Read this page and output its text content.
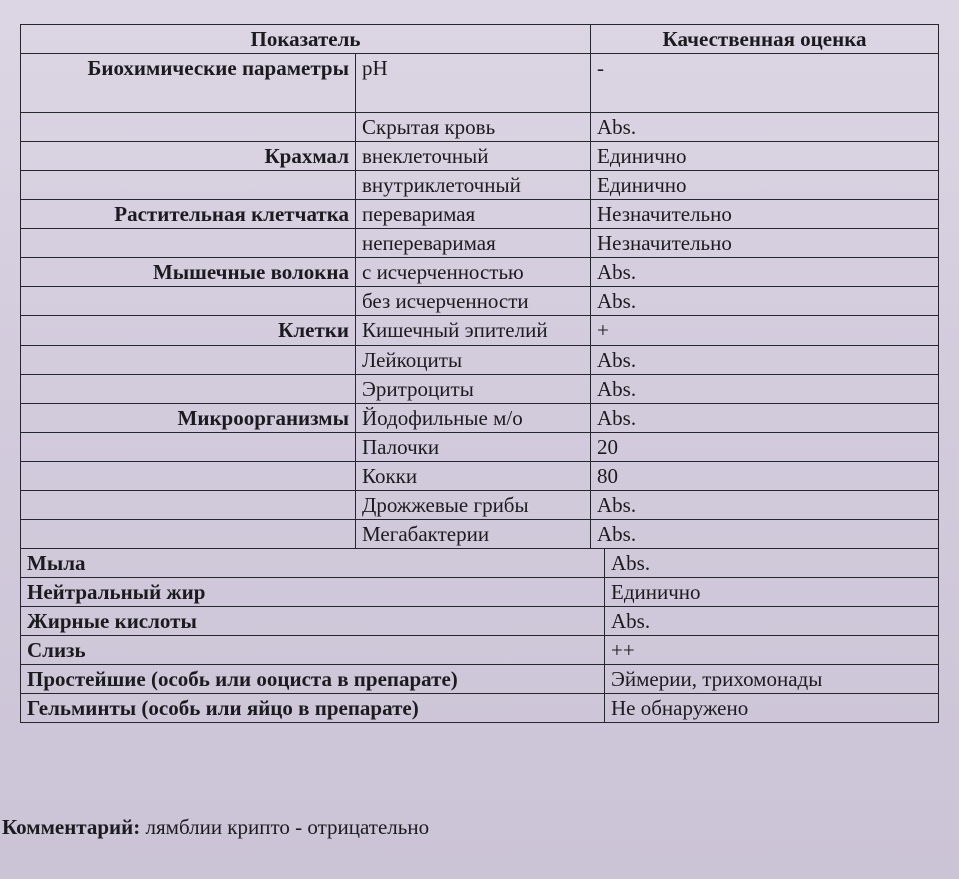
Показатель		Качественная оценка	
Биохимические параметры	pH	-	
	Скрытая кровь	Abs.	
Крахмал	внеклеточный	Единично	
	внутриклеточный	Единично	
Растительная клетчатка	переваримая	Незначительно	
	непереваримая	Незначительно	
Мышечные волокна	с исчерченностью	Abs.	
	без исчерченности	Abs.	
Клетки	Кишечный эпителий	+	
	Лейкоциты	Abs.	
	Эритроциты	Abs.	
Микроорганизмы	Йодофильные м/о	Abs.	
	Палочки	20	
	Кокки	80	
	Дрожжевые грибы	Abs.	
	Мегабактерии	Abs.	
Мыла			Abs.
Нейтральный жир			Единично
Жирные кислоты			Abs.
Слизь			++
Простейшие (особь или ооциста в препарате)			Эймерии, трихомонады
Гельминты (особь или яйцо в препарате)			Не обнаружено
Комментарий: лямблии крипто - отрицательно
